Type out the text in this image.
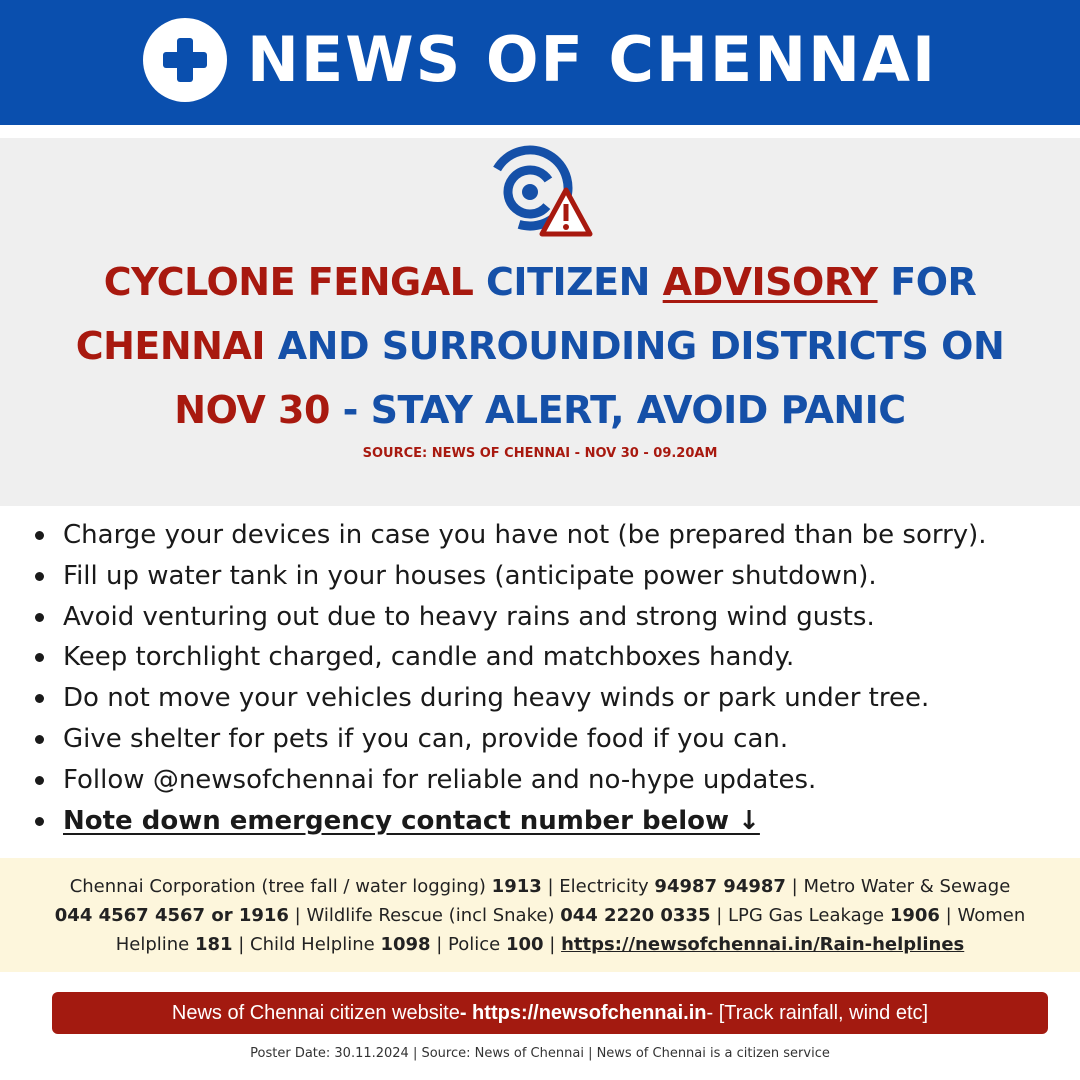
NEWS OF CHENNAI
CYCLONE FENGAL CITIZEN ADVISORY FOR
CHENNAI AND SURROUNDING DISTRICTS ON
NOV 30 - STAY ALERT, AVOID PANIC
SOURCE: NEWS OF CHENNAI - NOV 30 - 09.20AM
Charge your devices in case you have not (be prepared than be sorry).
Fill up water tank in your houses (anticipate power shutdown).
Avoid venturing out due to heavy rains and strong wind gusts.
Keep torchlight charged, candle and matchboxes handy.
Do not move your vehicles during heavy winds or park under tree.
Give shelter for pets if you can, provide food if you can.
Follow @newsofchennai for reliable and no-hype updates.
Note down emergency contact number below ↓
Chennai Corporation (tree fall / water logging) 1913 | Electricity 94987 94987 | Metro Water & Sewage
044 4567 4567 or 1916 | Wildlife Rescue (incl Snake) 044 2220 0335 | LPG Gas Leakage 1906 | Women Helpline 181 | Child Helpline 1098 | Police 100 | https://newsofchennai.in/Rain-helplines
News of Chennai citizen website - https://newsofchennai.in - [Track rainfall, wind etc]
Poster Date: 30.11.2024 | Source: News of Chennai | News of Chennai is a citizen service
